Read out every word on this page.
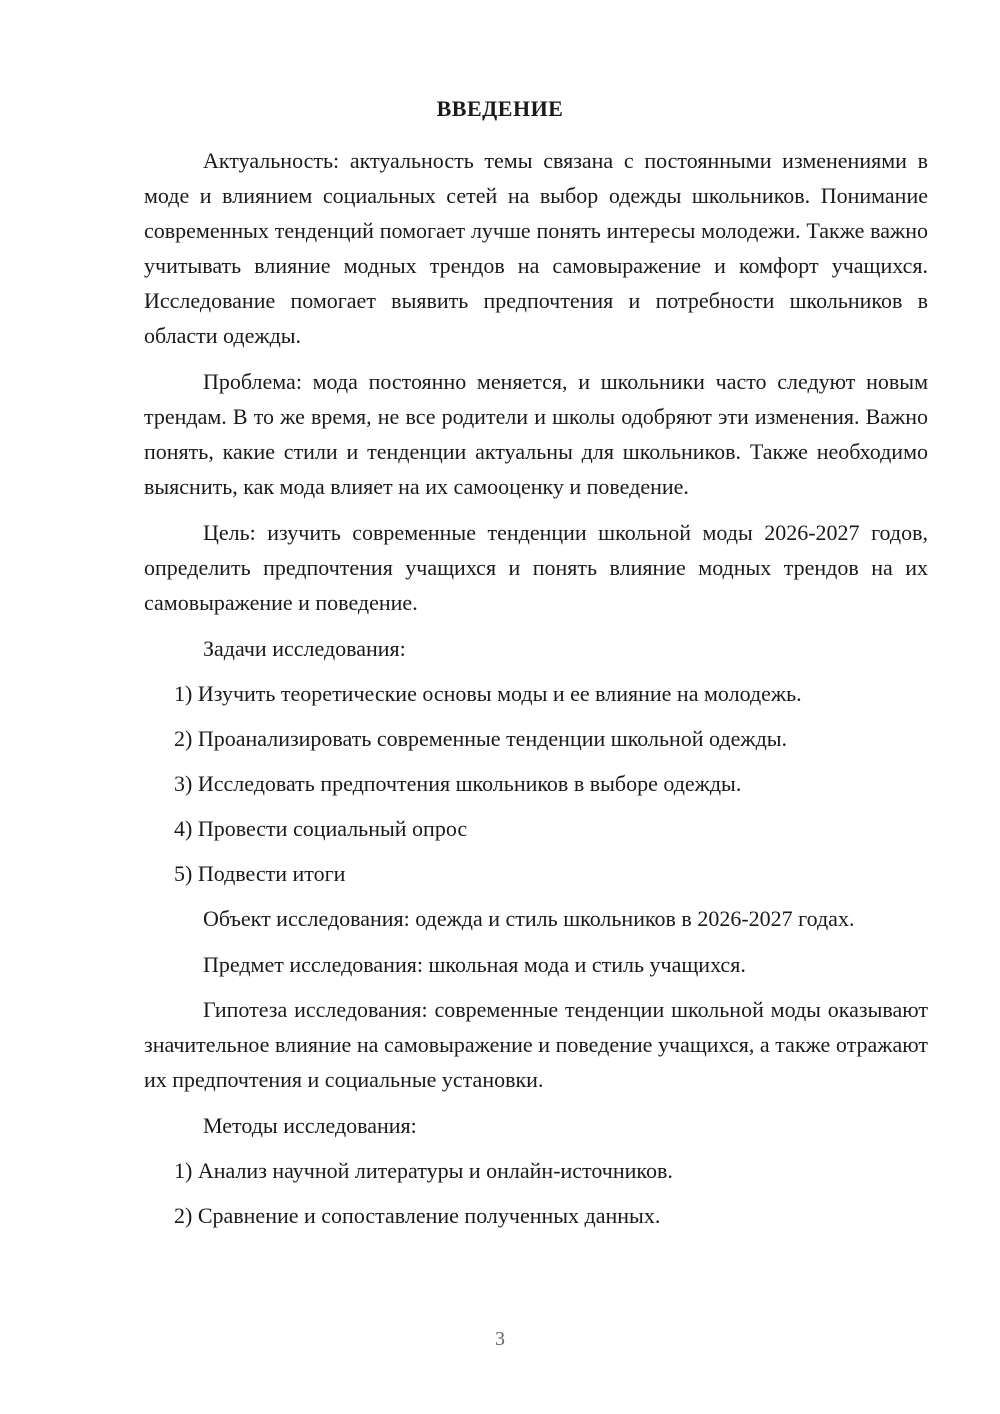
ВВЕДЕНИЕ

Актуальность: актуальность темы связана с постоянными изменениями в моде и влиянием социальных сетей на выбор одежды школьников. Понимание современных тенденций помогает лучше понять интересы молодежи. Также важно учитывать влияние модных трендов на самовыражение и комфорт учащихся. Исследование помогает выявить предпочтения и потребности школьников в области одежды.

Проблема: мода постоянно меняется, и школьники часто следуют новым трендам. В то же время, не все родители и школы одобряют эти изменения. Важно понять, какие стили и тенденции актуальны для школьников. Также необходимо выяснить, как мода влияет на их самооценку и поведение.

Цель: изучить современные тенденции школьной моды 2026-2027 годов, определить предпочтения учащихся и понять влияние модных трендов на их самовыражение и поведение.

Задачи исследования:

1) Изучить теоретические основы моды и ее влияние на молодежь.
2) Проанализировать современные тенденции школьной одежды.
3) Исследовать предпочтения школьников в выборе одежды.
4) Провести социальный опрос
5) Подвести итоги

Объект исследования: одежда и стиль школьников в 2026-2027 годах.

Предмет исследования: школьная мода и стиль учащихся.

Гипотеза исследования: современные тенденции школьной моды оказывают значительное влияние на самовыражение и поведение учащихся, а также отражают их предпочтения и социальные установки.

Методы исследования:

1) Анализ научной литературы и онлайн-источников.
2) Сравнение и сопоставление полученных данных.
3
